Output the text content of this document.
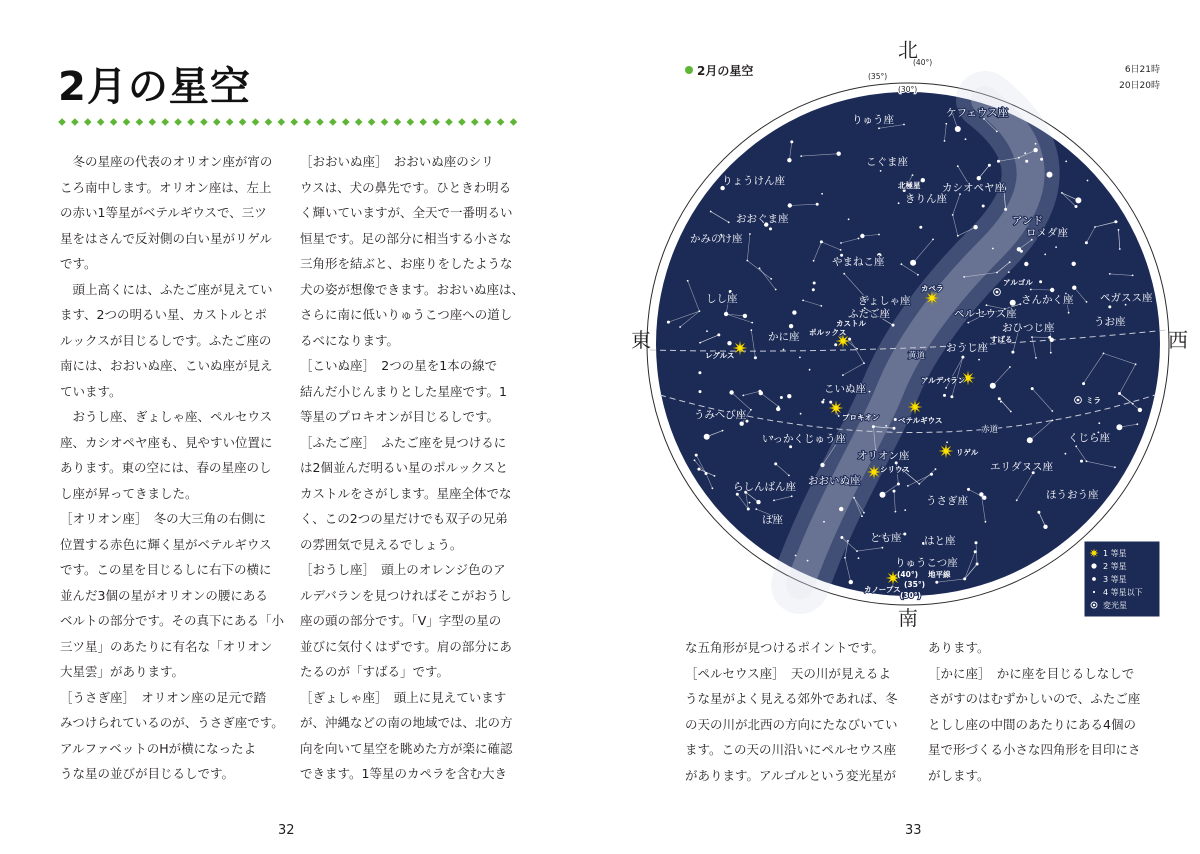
2月の星空

　冬の星座の代表のオリオン座が宵の
ころ南中します。オリオン座は、左上
の赤い1等星がベテルギウスで、三ツ
星をはさんで反対側の白い星がリゲル
です。

　頭上高くには、ふたご座が見えてい
ます、2つの明るい星、カストルとポ
ルックスが目じるしです。ふたご座の
南には、おおいぬ座、こいぬ座が見え
ています。

　おうし座、ぎょしゃ座、ペルセウス
座、カシオペヤ座も、見やすい位置に
あります。東の空には、春の星座のし
し座が昇ってきました。

［オリオン座］　冬の大三角の右側に
位置する赤色に輝く星がベテルギウス
です。この星を目じるしに右下の横に
並んだ3個の星がオリオンの腰にある
ベルトの部分です。その真下にある「小
三ツ星」のあたりに有名な「オリオン
大星雲」があります。

［うさぎ座］　オリオン座の足元で踏
みつけられているのが、うさぎ座です。
アルファベットのHが横になったよ
うな星の並びが目じるしです。

［おおいぬ座］　おおいぬ座のシリ
ウスは、犬の鼻先です。ひときわ明る
く輝いていますが、全天で一番明るい
恒星です。足の部分に相当する小さな
三角形を結ぶと、お座りをしたような
犬の姿が想像できます。おおいぬ座は、
さらに南に低いりゅうこつ座への道し
るべになります。

［こいぬ座］　2つの星を1本の線で
結んだ小じんまりとした星座です。1
等星のプロキオンが目じるしです。

［ふたご座］　ふたご座を見つけるに
は2個並んだ明るい星のポルックスと
カストルをさがします。星座全体でな
く、この2つの星だけでも双子の兄弟
の雰囲気で見えるでしょう。

［おうし座］　頭上のオレンジ色のア
ルデバランを見つければそこがおうし
座の頭の部分です。「V」字型の星の
並びに気付くはずです。肩の部分にあ
たるのが「すばる」です。

［ぎょしゃ座］　頭上に見えています
が、沖縄などの南の地域では、北の方
向を向いて星空を眺めた方が楽に確認
できます。1等星のカペラを含む大き

32
2月の星空	6日21時
20日20時
北
東	西
南
(40°)
(35°)
(30°)
(40°)
(35°)
(30°)
りゅう座
ケフェウス座
こぐま座
カシオペヤ座
きりん座
りょうけん座
おおぐま座
かみのけ座
アンド
ロメダ座
やまねこ座
さんかく座	ペガスス座
しし座	ぎょしゃ座
ふたご座	ペルセウス座
おひつじ座	うお座
かに座
おうし座
こいぬ座
うみへび座
いっかくじゅう座	くじら座
オリオン座
エリダヌス座
おおいぬ座
らしんばん座
ほうおう座
うさぎ座
ほ座
とも座 はと座
りゅうこつ座
北極星
アルゴル
カペラ
カストル
ポルックス
すばる
レグルス
アルデバラン
ミラ
プロキオン ベテルギウス
リゲル
シリウス
カノープス
黄道
赤道
地平線
1 等星
2 等星
3 等星
4 等星以下
変光星

な五角形が見つけるポイントです。

［ペルセウス座］　天の川が見えるよ
うな星がよく見える郊外であれば、冬
の天の川が北西の方向にたなびいてい
ます。この天の川沿いにペルセウス座
があります。アルゴルという変光星が

あります。

［かに座］　かに座を目じるしなしで
さがすのはむずかしいので、ふたご座
としし座の中間のあたりにある4個の
星で形づくる小さな四角形を目印にさ
がします。

33
